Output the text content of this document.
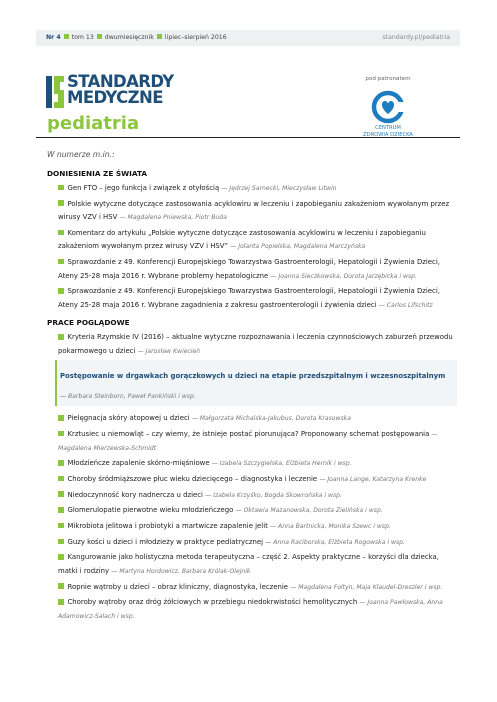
Nr 4 tom 13 dwumiesięcznik lipiec–sierpień 2016	standardy.pl/pediatria
STANDARDY
MEDYCZNE
pediatria
pod patronatem
CENTRUM
ZDROWIA DZIECKA
W numerze m.in.:
DONIESIENIA ZE ŚWIATA
Gen FTO – jego funkcja i związek z otyłością — Jędrzej Sarnecki, Mieczysław Litwin
Polskie wytyczne dotyczące zastosowania acyklowiru w leczeniu i zapobieganiu zakażeniom wywołanym przez wirusy VZV i HSV — Magdalena Pniewska, Piotr Buda
Komentarz do artykułu „Polskie wytyczne dotyczące zastosowania acyklowiru w leczeniu i zapobieganiu zakażeniom wywołanym przez wirusy VZV i HSV” — Jolanta Popielska, Magdalena Marczyńska
Sprawozdanie z 49. Konferencji Europejskiego Towarzystwa Gastroenterologii, Hepatologii i Żywienia Dzieci, Ateny 25-28 maja 2016 r. Wybrane problemy hepatologiczne — Joanna Sieczkowska, Dorota Jarzębicka i wsp.
Sprawozdanie z 49. Konferencji Europejskiego Towarzystwa Gastroenterologii, Hepatologii i Żywienia Dzieci, Ateny 25-28 maja 2016 r. Wybrane zagadnienia z zakresu gastroenterologii i żywienia dzieci — Carlos Lifschitz
PRACE POGLĄDOWE
Kryteria Rzymskie IV (2016) – aktualne wytyczne rozpoznawania i leczenia czynnościowych zaburzeń przewodu pokarmowego u dzieci — Jarosław Kwiecień
Postępowanie w drgawkach gorączkowych u dzieci na etapie przedszpitalnym i wczesnoszpitalnym— Barbara Steinborn, Paweł Pankiński i wsp.
Pielęgnacja skóry atopowej u dzieci — Małgorzata Michalska-Jakubus, Dorota Krasowska
Krztusiec u niemowląt – czy wiemy, że istnieje postać piorunująca? Proponowany schemat postępowania — Magdalena Mierzewska-Schmidt
Młodzieńcze zapalenie skórno-mięśniowe — Izabela Szczygielska, Elżbieta Hernik i wsp.
Choroby śródmiąższowe płuc wieku dziecięcego – diagnostyka i leczenie — Joanna Lange, Katarzyna Krenke
Niedoczynność kory nadnercza u dzieci — Izabela Krzyśko, Bogda Skowrońska i wsp.
Glomerulopatie pierwotne wieku młodzieńczego — Oktawia Mazanowska, Dorota Zielińska i wsp.
Mikrobiota jelitowa i probiotyki a martwicze zapalenie jelit — Anna Bartnicka, Monika Szewc i wsp.
Guzy kości u dzieci i młodzieży w praktyce pediatrycznej — Anna Raciborska, Elżbieta Rogowska i wsp.
Kangurowanie jako holistyczna metoda terapeutyczna – część 2. Aspekty praktyczne – korzyści dla dziecka, matki i rodziny — Martyna Hordowicz, Barbara Królak-Olejnik
Ropnie wątroby u dzieci – obraz kliniczny, diagnostyka, leczenie — Magdalena Foltyn, Maja Klaudel-Dreszler i wsp.
Choroby wątroby oraz dróg żółciowych w przebiegu niedokrwistości hemolitycznych — Joanna Pawłowska, Anna Adamowicz-Salach i wsp.
